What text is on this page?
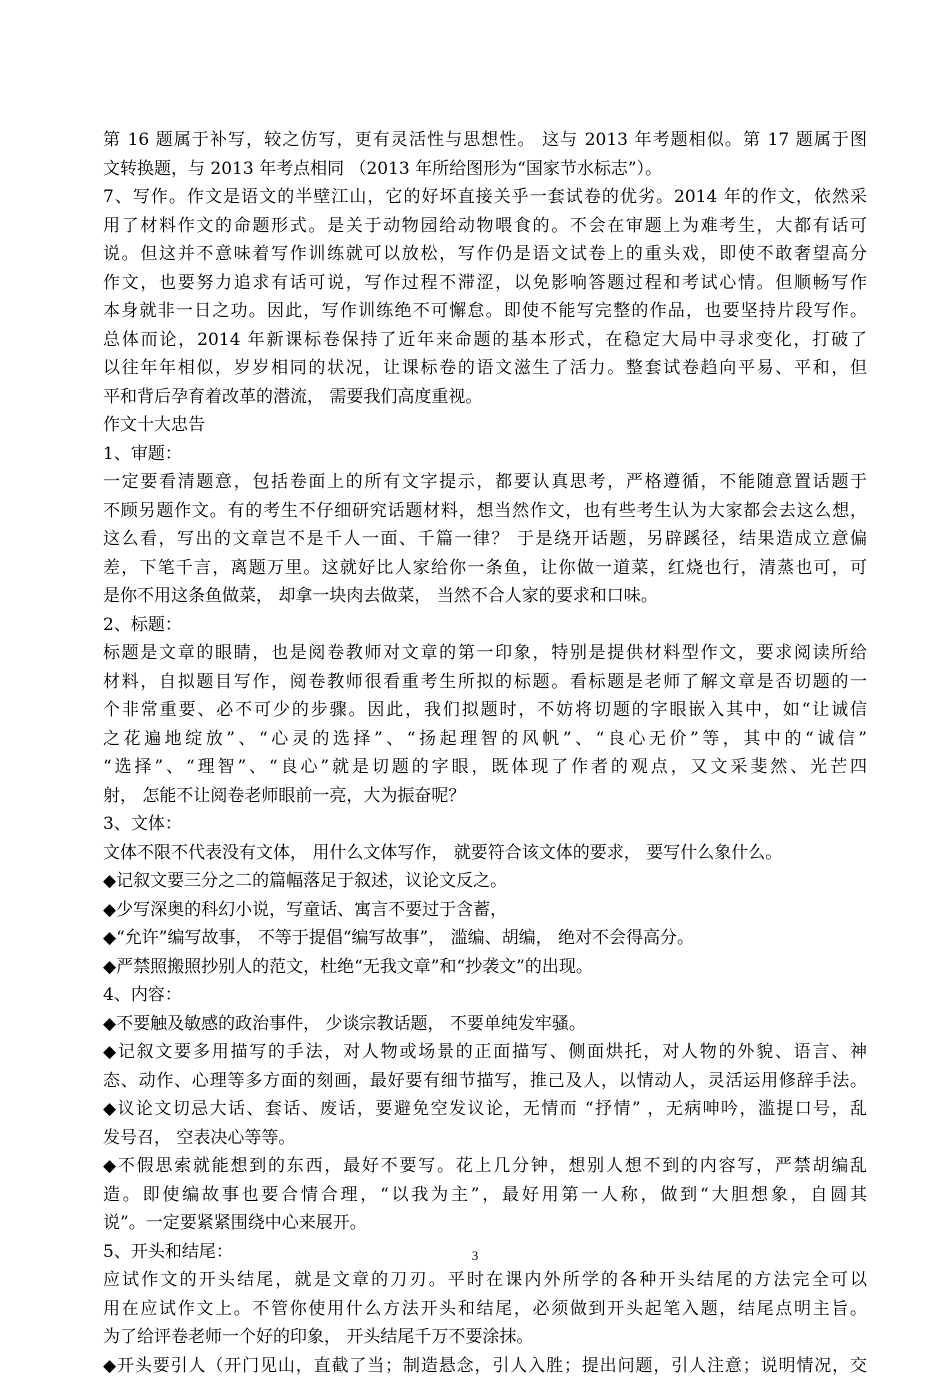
第 16 题属于补写，较之仿写，更有灵活性与思想性。 这与 2013 年考题相似。第 17 题属于图
文转换题，与 2013 年考点相同 （2013 年所给图形为“国家节水标志”）。
7、写作。作文是语文的半壁江山，它的好坏直接关乎一套试卷的优劣。2014 年的作文，依然采
用了材料作文的命题形式。是关于动物园给动物喂食的。不会在审题上为难考生，大都有话可
说。但这并不意味着写作训练就可以放松，写作仍是语文试卷上的重头戏，即使不敢奢望高分
作文，也要努力追求有话可说，写作过程不滞涩，以免影响答题过程和考试心情。但顺畅写作
本身就非一日之功。因此，写作训练绝不可懈怠。即使不能写完整的作品，也要坚持片段写作。
总体而论，2014 年新课标卷保持了近年来命题的基本形式，在稳定大局中寻求变化，打破了
以往年年相似，岁岁相同的状况，让课标卷的语文滋生了活力。整套试卷趋向平易、平和，但
平和背后孕育着改革的潜流， 需要我们高度重视。
作文十大忠告
1、审题：
一定要看清题意，包括卷面上的所有文字提示，都要认真思考，严格遵循，不能随意置话题于
不顾另题作文。有的考生不仔细研究话题材料，想当然作文，也有些考生认为大家都会去这么想，
这么看，写出的文章岂不是千人一面、千篇一律？ 于是绕开话题，另辟蹊径，结果造成立意偏
差，下笔千言，离题万里。这就好比人家给你一条鱼，让你做一道菜，红烧也行，清蒸也可，可
是你不用这条鱼做菜， 却拿一块肉去做菜， 当然不合人家的要求和口味。
2、标题：
标题是文章的眼睛，也是阅卷教师对文章的第一印象，特别是提供材料型作文，要求阅读所给
材料，自拟题目写作，阅卷教师很看重考生所拟的标题。看标题是老师了解文章是否切题的一
个非常重要、必不可少的步骤。因此，我们拟题时，不妨将切题的字眼嵌入其中，如“让诚信
之花遍地绽放”、“心灵的选择”、“扬起理智的风帆”、“良心无价”等，其中的“诚信”
“选择”、“理智”、“良心”就是切题的字眼，既体现了作者的观点，又文采斐然、光芒四
射， 怎能不让阅卷老师眼前一亮，大为振奋呢？
3、文体：
文体不限不代表没有文体， 用什么文体写作， 就要符合该文体的要求， 要写什么象什么。
◆记叙文要三分之二的篇幅落足于叙述，议论文反之。
◆少写深奥的科幻小说，写童话、寓言不要过于含蓄，
◆“允许”编写故事， 不等于提倡“编写故事”， 滥编、胡编， 绝对不会得高分。
◆严禁照搬照抄别人的范文，杜绝“无我文章”和“抄袭文”的出现。
4、内容：
◆不要触及敏感的政治事件， 少谈宗教话题， 不要单纯发牢骚。
◆记叙文要多用描写的手法，对人物或场景的正面描写、侧面烘托，对人物的外貌、语言、神
态、动作、心理等多方面的刻画，最好要有细节描写，推己及人，以情动人，灵活运用修辞手法。
◆议论文切忌大话、套话、废话，要避免空发议论，无情而 “抒情” ，无病呻吟，滥提口号，乱
发号召， 空表决心等等。
◆不假思索就能想到的东西，最好不要写。花上几分钟，想别人想不到的内容写，严禁胡编乱
造。即使编故事也要合情合理，“以我为主”，最好用第一人称，做到“大胆想象，自圆其
说”。一定要紧紧围绕中心来展开。
5、开头和结尾：
应试作文的开头结尾，就是文章的刀刃。平时在课内外所学的各种开头结尾的方法完全可以
用在应试作文上。不管你使用什么方法开头和结尾，必须做到开头起笔入题，结尾点明主旨。
为了给评卷老师一个好的印象， 开头结尾千万不要涂抹。
◆开头要引人（开门见山，直截了当；制造悬念，引人入胜；提出问题，引人注意；说明情况，交
3
